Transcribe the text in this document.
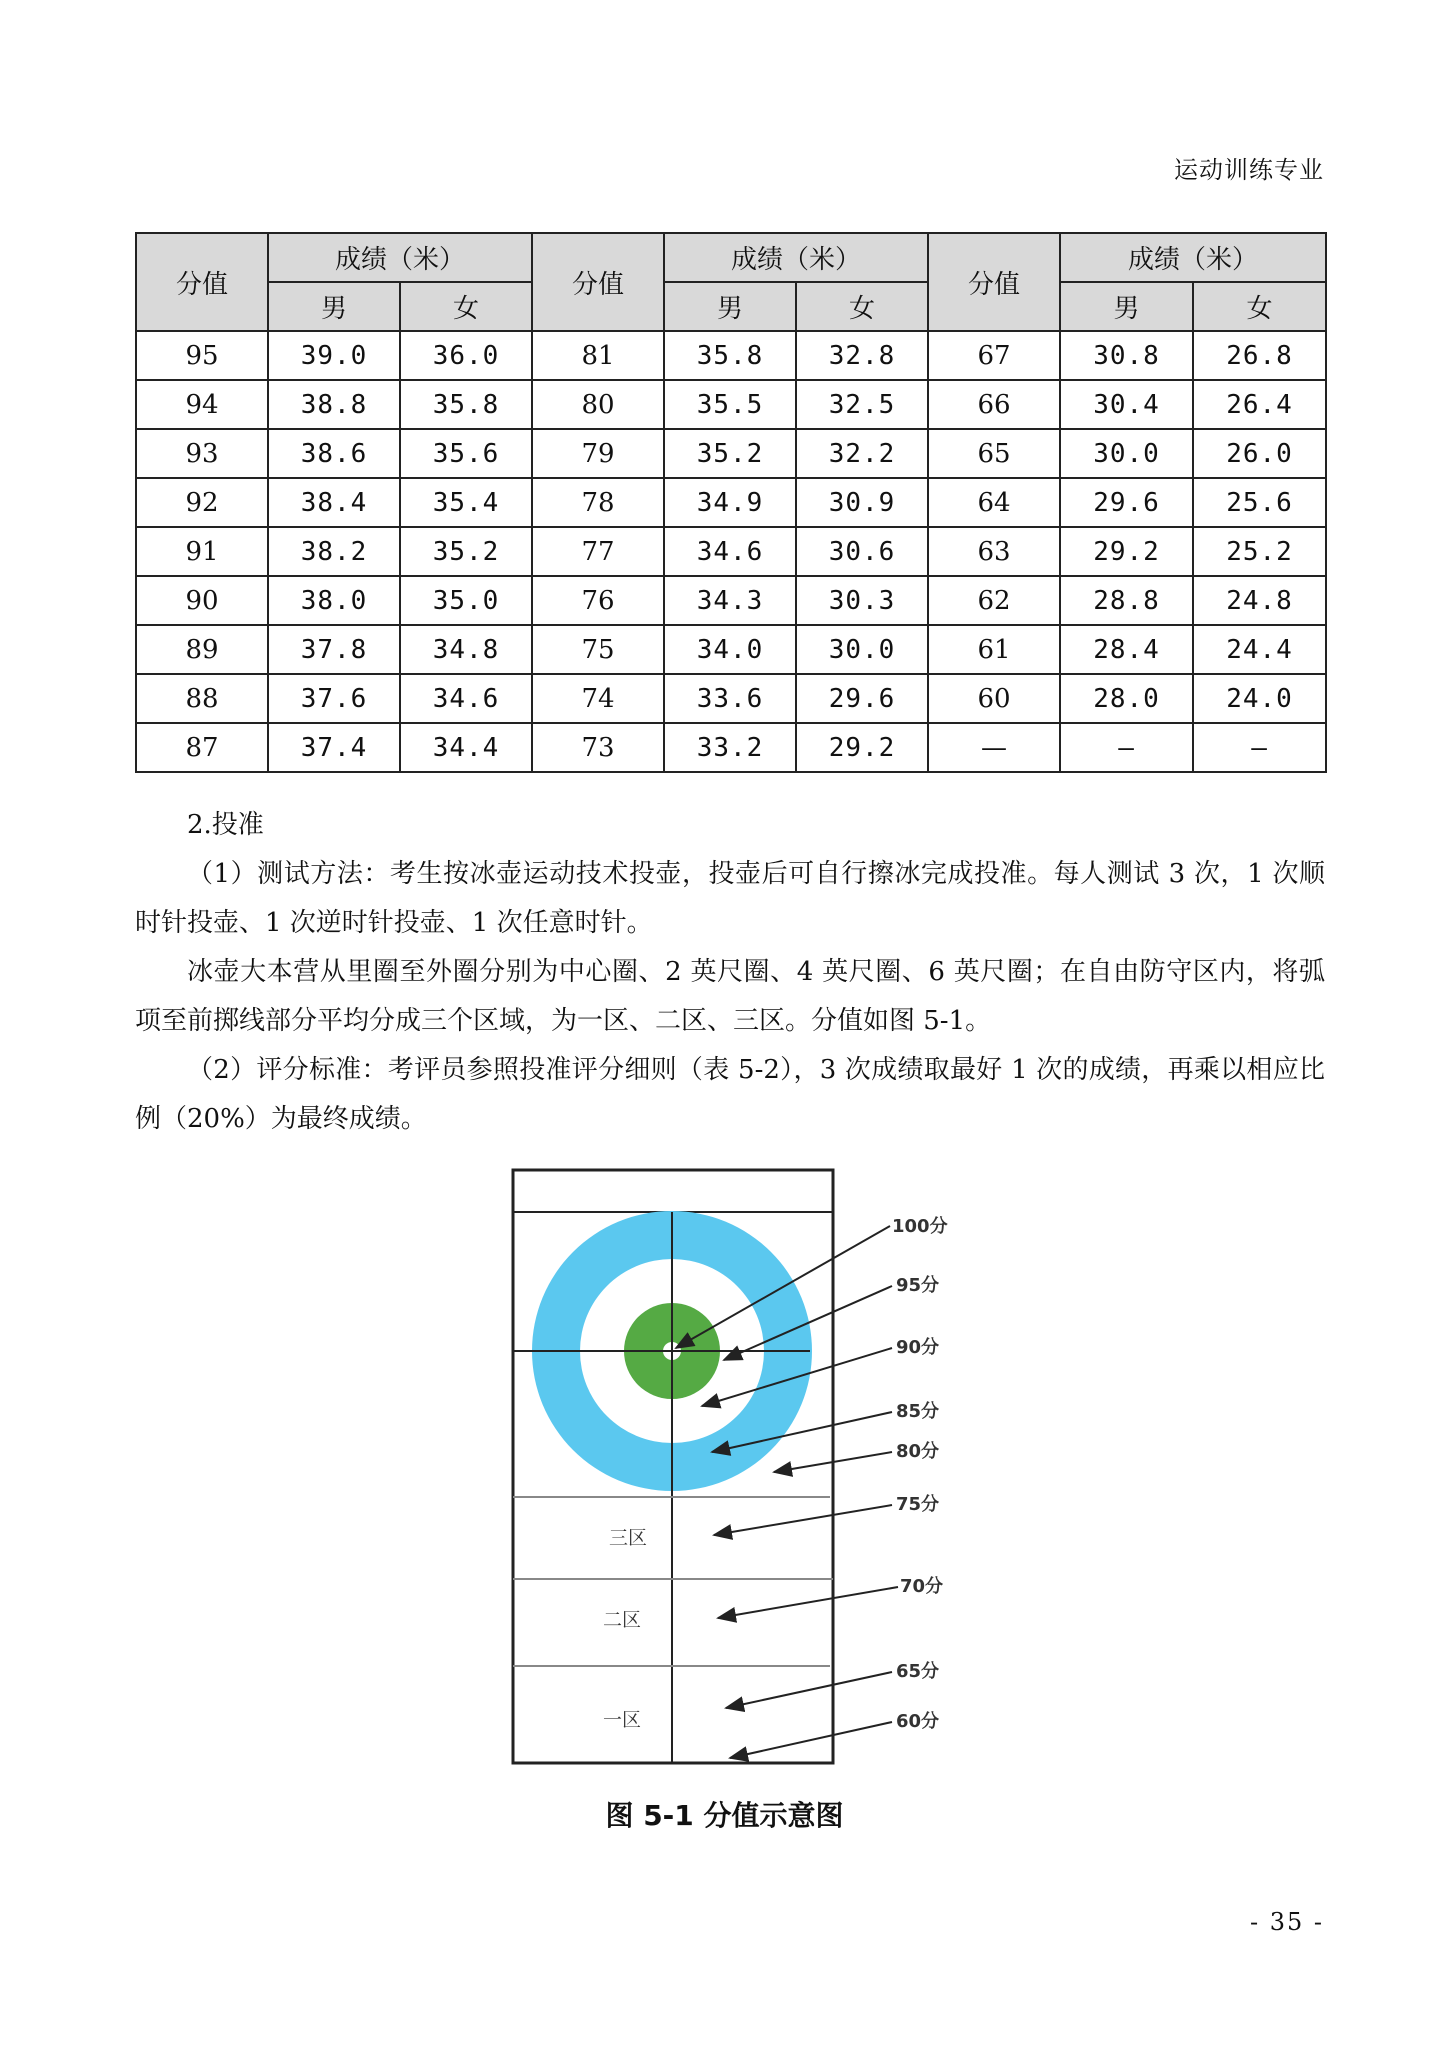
运动训练专业
分值	成绩（米）		分值	成绩（米）		分值	成绩（米）	
	男	女		男	女		男	女
95	39.0	36.0	81	35.8	32.8	67	30.8	26.8
94	38.8	35.8	80	35.5	32.5	66	30.4	26.4
93	38.6	35.6	79	35.2	32.2	65	30.0	26.0
92	38.4	35.4	78	34.9	30.9	64	29.6	25.6
91	38.2	35.2	77	34.6	30.6	63	29.2	25.2
90	38.0	35.0	76	34.3	30.3	62	28.8	24.8
89	37.8	34.8	75	34.0	30.0	61	28.4	24.4
88	37.6	34.6	74	33.6	29.6	60	28.0	24.0
87	37.4	34.4	73	33.2	29.2	—	—	—

2.投准

（1）测试方法：考生按冰壶运动技术投壶，投壶后可自行擦冰完成投准。每人测试 3 次，1 次顺时针投壶、1 次逆时针投壶、1 次任意时针。

冰壶大本营从里圈至外圈分别为中心圈、2 英尺圈、4 英尺圈、6 英尺圈；在自由防守区内，将弧项至前掷线部分平均分成三个区域，为一区、二区、三区。分值如图 5-1。

（2）评分标准：考评员参照投准评分细则（表 5-2），3 次成绩取最好 1 次的成绩，再乘以相应比例（20%）为最终成绩。

三区
二区
一区
100分
95分
90分
85分
80分
75分
70分
65分
60分
图 5-1 分值示意图
- 35 -
